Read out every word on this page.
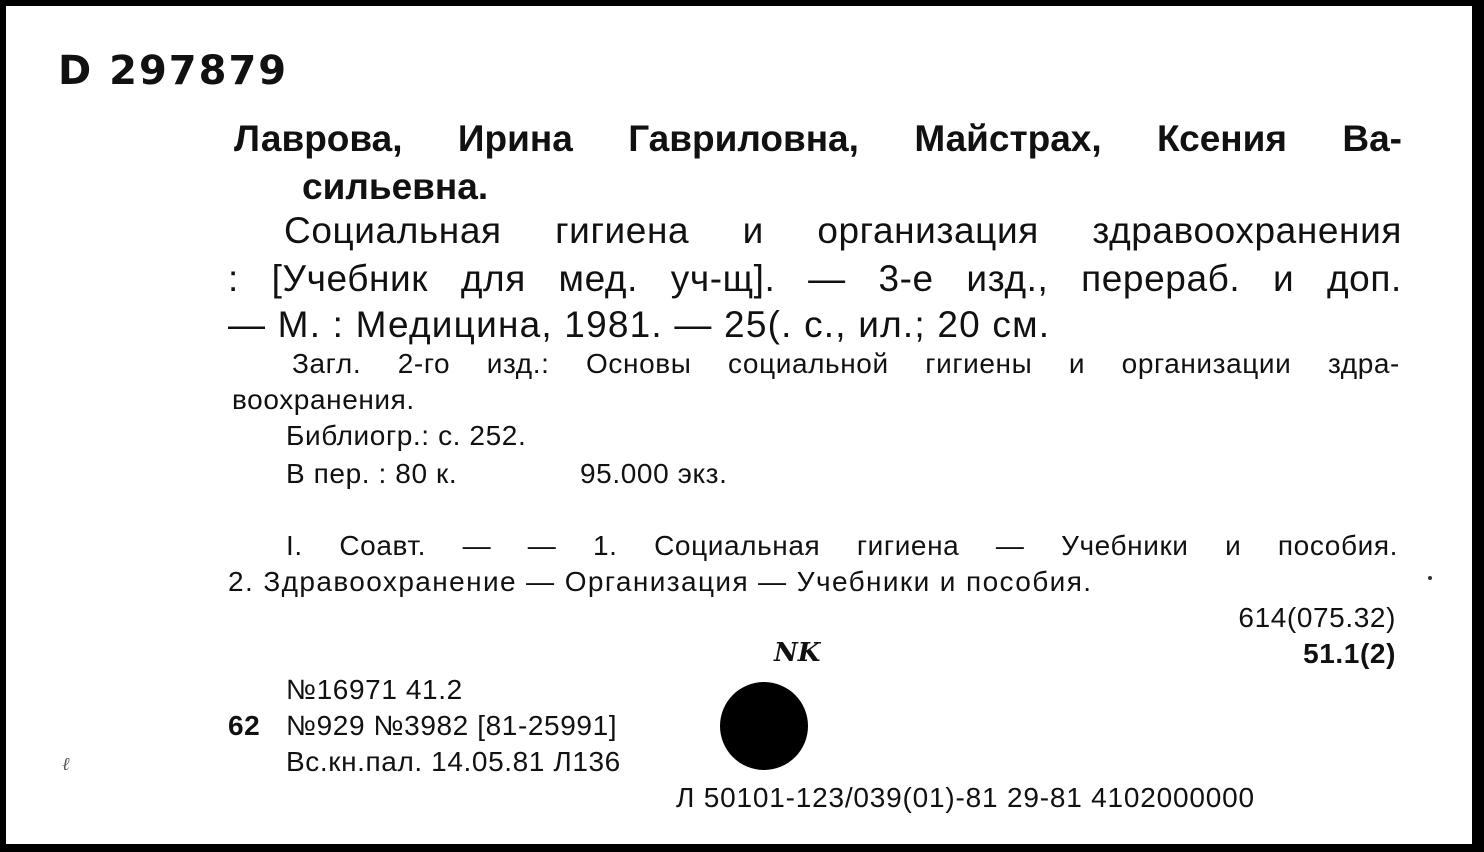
D 297879
Лаврова, Ирина Гавриловна, Майстрах, Ксения Ва-
сильевна.
Социальная гигиена и организация здравоохранения
: [Учебник для мед. уч-щ]. — 3-е изд., перераб. и доп.
— М. : Медицина, 1981. — 25(. с., ил.; 20 см.
Загл. 2-го изд.: Основы социальной гигиены и организации здра-
воохранения.
Библиогр.: с. 252.
В пер. : 80 к.	95.000 экз.
I. Соавт. — — 1. Социальная гигиена — Учебники и пособия.
2. Здравоохранение — Организация — Учебники и пособия.
614(075.32)
51.1(2)
NK
№16971 41.2
62 №929 №3982 [81-25991]
Вс.кн.пал. 14.05.81 Л136
Л 50101-123/039(01)-81 29-81 4102000000
ℓ
